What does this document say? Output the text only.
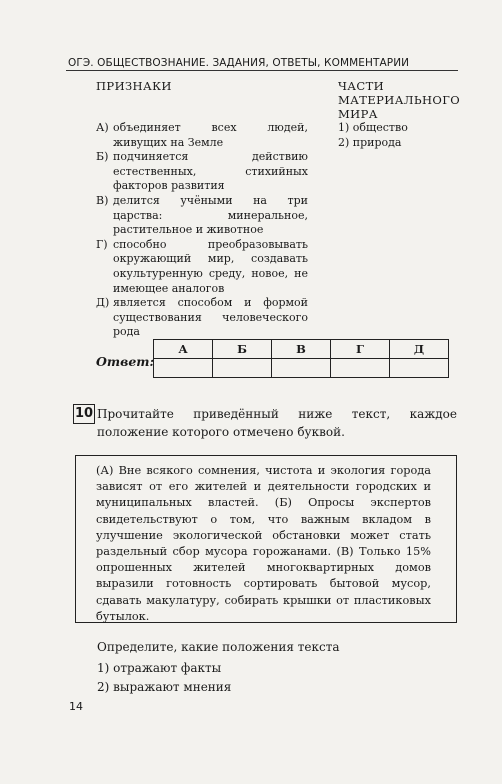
ОГЭ. ОБЩЕСТВОЗНАНИЕ. ЗАДАНИЯ, ОТВЕТЫ, КОММЕНТАРИИ
ПРИЗНАКИ	ЧАСТИ МАТЕРИАЛЬНОГО МИРА
А) объединяет всех людей, живущих на Земле
Б) подчиняется действию естественных, стихийных факторов развития
В) делится учёными на три царства: минеральное, растительное и животное
Г) способно преобразовывать окружающий мир, создавать окультуренную среду, новое, не имеющее аналогов
Д) является способом и формой существования человеческого рода
1) общество
2) природа
Ответ:
А	Б	В	Г	Д

10 Прочитайте приведённый ниже текст, каждое положение которого отмечено буквой.

(А) Вне всякого сомнения, чистота и экология города зависят от его жителей и деятельности городских и муниципальных властей. (Б) Опросы экспертов свидетельствуют о том, что важным вкладом в улучшение экологической обстановки может стать раздельный сбор мусора горожанами. (В) Только 15% опрошенных жителей многоквартирных домов выразили готовность сортировать бытовой мусор, сдавать макулатуру, собирать крышки от пластиковых бутылок.

Определите, какие положения текста
1) отражают факты
2) выражают мнения
14
